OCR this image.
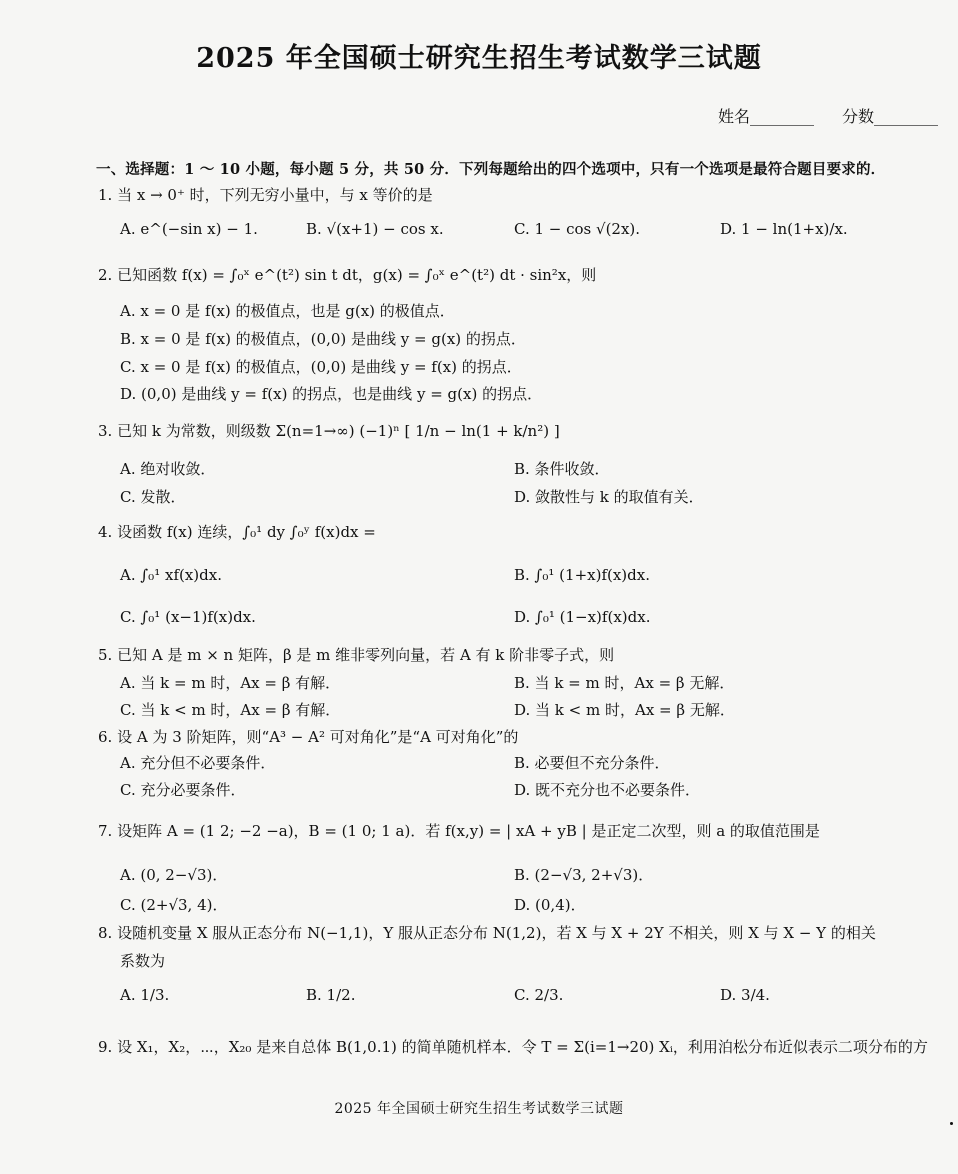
2025 年全国硕士研究生招生考试数学三试题
姓名________ 分数________
一、选择题：1 ～ 10 小题，每小题 5 分，共 50 分．下列每题给出的四个选项中，只有一个选项是最符合题目要求的．
1. 当 x → 0⁺ 时，下列无穷小量中，与 x 等价的是
A. e^(−sin x) − 1.	B. √(x+1) − cos x.	C. 1 − cos √(2x).	D. 1 − ln(1+x)/x.
2. 已知函数 f(x) = ∫₀ˣ e^(t²) sin t dt，g(x) = ∫₀ˣ e^(t²) dt · sin²x，则
A. x = 0 是 f(x) 的极值点，也是 g(x) 的极值点．
B. x = 0 是 f(x) 的极值点，(0,0) 是曲线 y = g(x) 的拐点．
C. x = 0 是 f(x) 的极值点，(0,0) 是曲线 y = f(x) 的拐点．
D. (0,0) 是曲线 y = f(x) 的拐点，也是曲线 y = g(x) 的拐点．
3. 已知 k 为常数，则级数 Σ(n=1→∞) (−1)ⁿ [ 1/n − ln(1 + k/n²) ]
A. 绝对收敛．	B. 条件收敛．
C. 发散．	D. 敛散性与 k 的取值有关．
4. 设函数 f(x) 连续，∫₀¹ dy ∫₀ʸ f(x)dx =
A. ∫₀¹ xf(x)dx.	B. ∫₀¹ (1+x)f(x)dx.
C. ∫₀¹ (x−1)f(x)dx.	D. ∫₀¹ (1−x)f(x)dx.
5. 已知 A 是 m × n 矩阵，β 是 m 维非零列向量，若 A 有 k 阶非零子式，则
A. 当 k = m 时，Ax = β 有解．	B. 当 k = m 时，Ax = β 无解．
C. 当 k < m 时，Ax = β 有解．	D. 当 k < m 时，Ax = β 无解．
6. 设 A 为 3 阶矩阵，则“A³ − A² 可对角化”是“A 可对角化”的
A. 充分但不必要条件．	B. 必要但不充分条件．
C. 充分必要条件．	D. 既不充分也不必要条件．
7. 设矩阵 A = (1 2; −2 −a)，B = (1 0; 1 a)．若 f(x,y) = | xA + yB | 是正定二次型，则 a 的取值范围是
A. (0, 2−√3)．	B. (2−√3, 2+√3)．
C. (2+√3, 4)．	D. (0,4)．
8. 设随机变量 X 服从正态分布 N(−1,1)，Y 服从正态分布 N(1,2)，若 X 与 X + 2Y 不相关，则 X 与 X − Y 的相关
系数为
A. 1/3.	B. 1/2.	C. 2/3.	D. 3/4.
9. 设 X₁，X₂，⋯，X₂₀ 是来自总体 B(1,0.1) 的简单随机样本．令 T = Σ(i=1→20) Xᵢ，利用泊松分布近似表示二项分布的方
2025 年全国硕士研究生招生考试数学三试题
